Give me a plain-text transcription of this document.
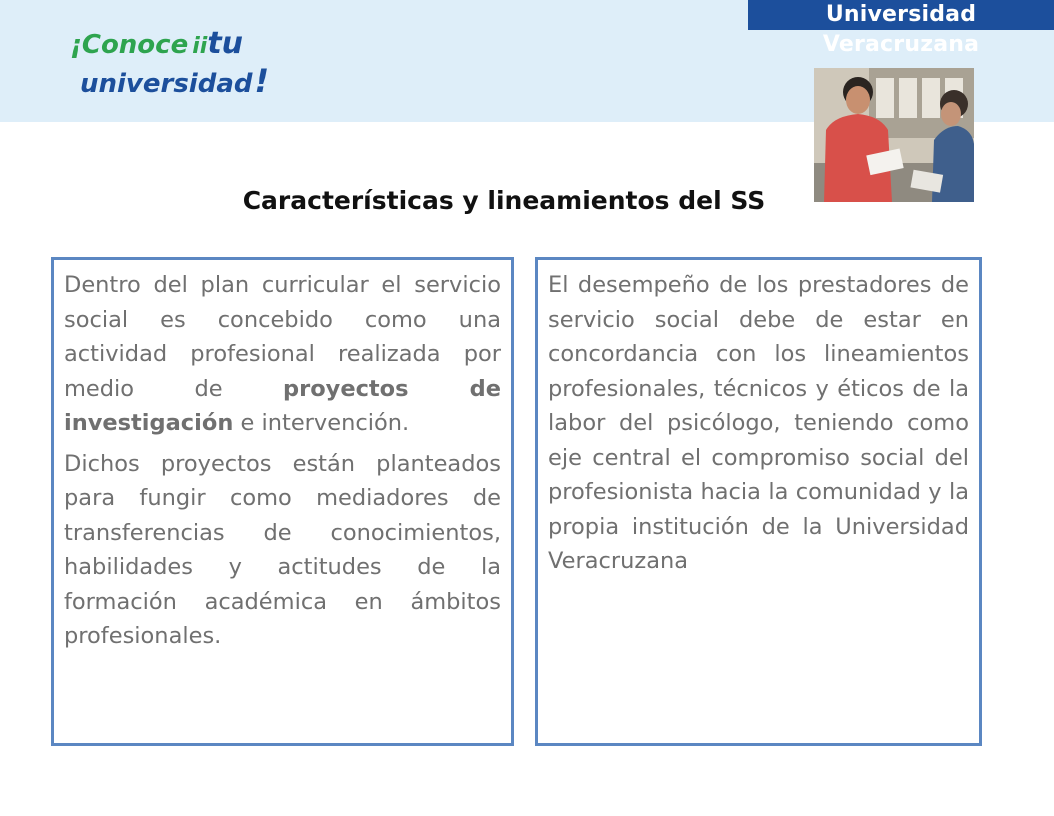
Universidad Veracruzana
¡Conoce iitu
universidad!
Características y lineamientos del SS

Dentro del plan curricular el servicio social es concebido como una actividad profesional realizada por medio de proyectos de investigación e intervención.

Dichos proyectos están planteados para fungir como mediadores de transferencias de conocimientos, habilidades y actitudes de la formación académica en ámbitos profesionales.

El desempeño de los prestadores de servicio social debe de estar en concordancia con los lineamientos profesionales, técnicos y éticos de la labor del psicólogo, teniendo como eje central el compromiso social del profesionista hacia la comunidad y la propia institución de la Universidad Veracruzana
